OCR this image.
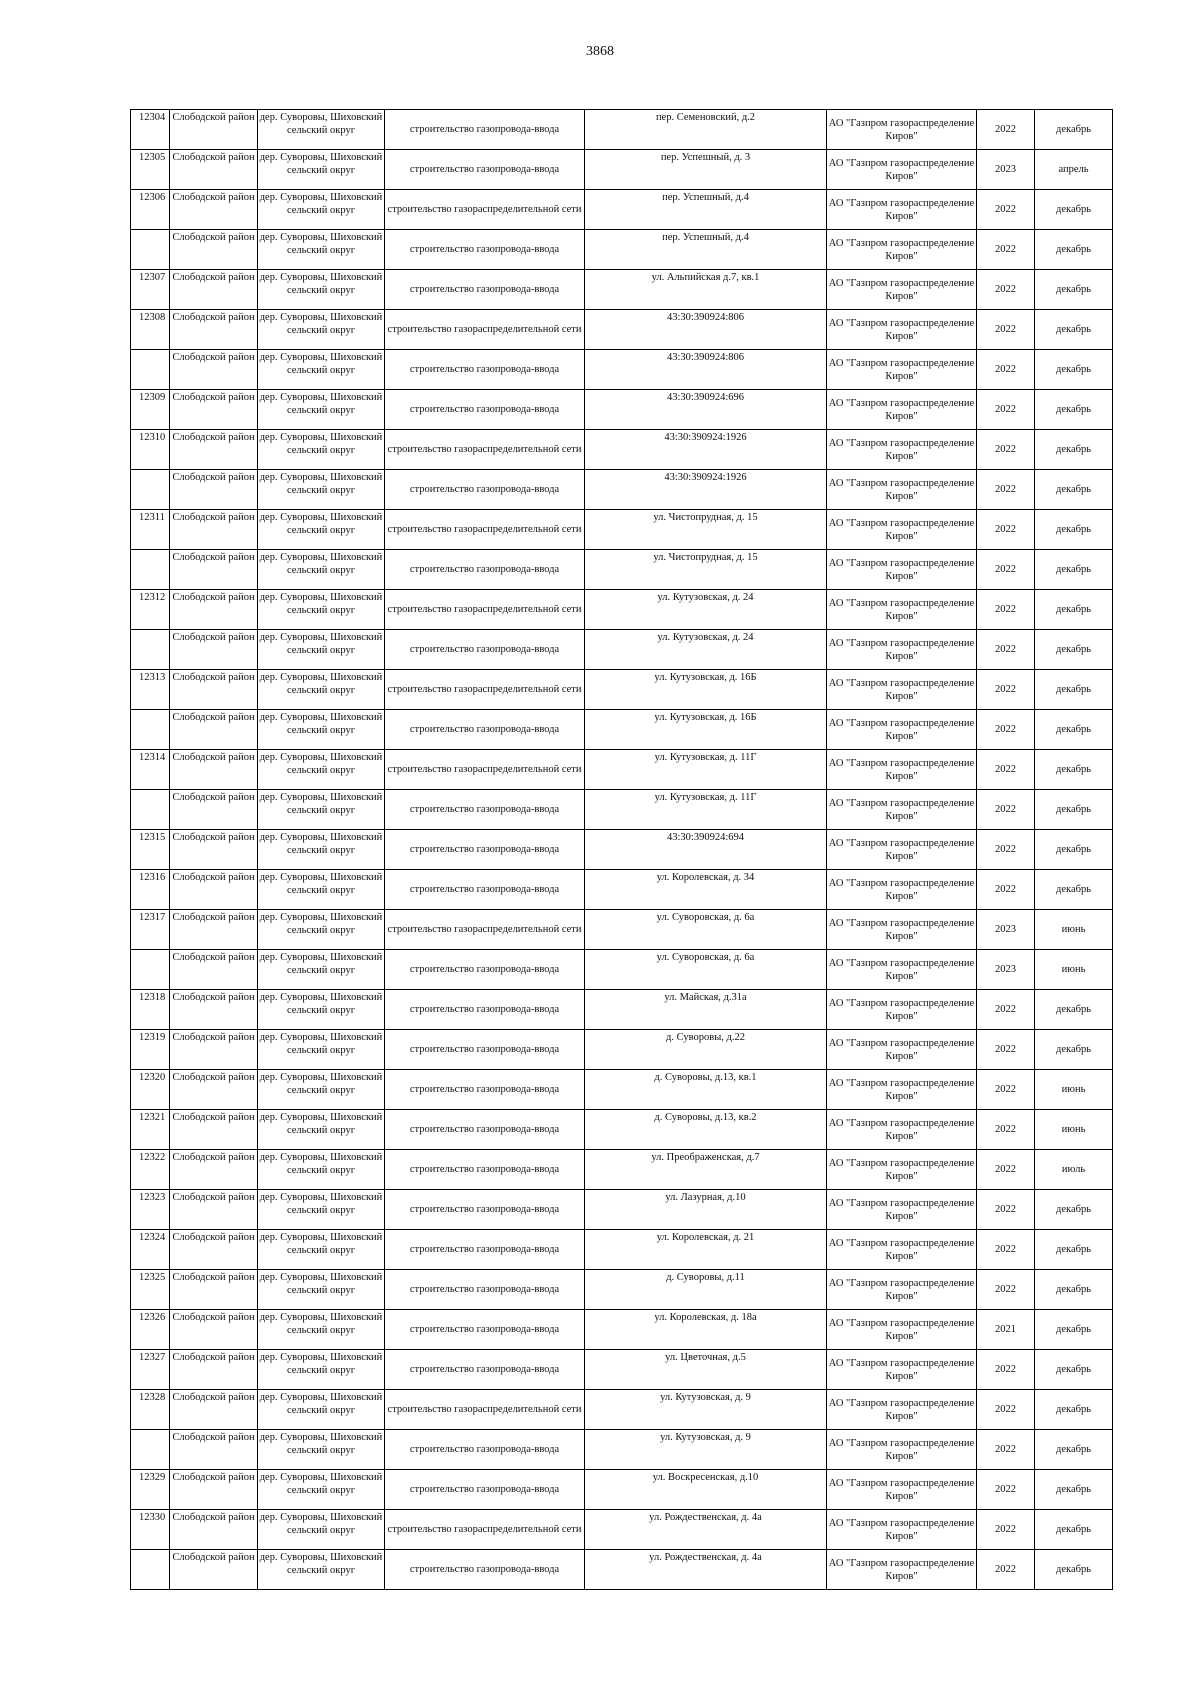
3868
12304	Слободской район	дер. Суворовы, Шиховский сельский округ	строительство газопровода-ввода	пер. Семеновский, д.2	АО "Газпром газораспределение Киров"	2022	декабрь

12305	Слободской район	дер. Суворовы, Шиховский сельский округ	строительство газопровода-ввода	пер. Успешный, д. 3	АО "Газпром газораспределение Киров"	2023	апрель

12306	Слободской район	дер. Суворовы, Шиховский сельский округ	строительство газораспределительной сети	пер. Успешный, д.4	АО "Газпром газораспределение Киров"	2022	декабрь

	Слободской район	дер. Суворовы, Шиховский сельский округ	строительство газопровода-ввода	пер. Успешный, д.4	АО "Газпром газораспределение Киров"	2022	декабрь

12307	Слободской район	дер. Суворовы, Шиховский сельский округ	строительство газопровода-ввода	ул. Альпийская д.7, кв.1	АО "Газпром газораспределение Киров"	2022	декабрь

12308	Слободской район	дер. Суворовы, Шиховский сельский округ	строительство газораспределительной сети	43:30:390924:806	АО "Газпром газораспределение Киров"	2022	декабрь

	Слободской район	дер. Суворовы, Шиховский сельский округ	строительство газопровода-ввода	43:30:390924:806	АО "Газпром газораспределение Киров"	2022	декабрь

12309	Слободской район	дер. Суворовы, Шиховский сельский округ	строительство газопровода-ввода	43:30:390924:696	АО "Газпром газораспределение Киров"	2022	декабрь

12310	Слободской район	дер. Суворовы, Шиховский сельский округ	строительство газораспределительной сети	43:30:390924:1926	АО "Газпром газораспределение Киров"	2022	декабрь

	Слободской район	дер. Суворовы, Шиховский сельский округ	строительство газопровода-ввода	43:30:390924:1926	АО "Газпром газораспределение Киров"	2022	декабрь

12311	Слободской район	дер. Суворовы, Шиховский сельский округ	строительство газораспределительной сети	ул. Чистопрудная, д. 15	АО "Газпром газораспределение Киров"	2022	декабрь

	Слободской район	дер. Суворовы, Шиховский сельский округ	строительство газопровода-ввода	ул. Чистопрудная, д. 15	АО "Газпром газораспределение Киров"	2022	декабрь

12312	Слободской район	дер. Суворовы, Шиховский сельский округ	строительство газораспределительной сети	ул. Кутузовская, д. 24	АО "Газпром газораспределение Киров"	2022	декабрь

	Слободской район	дер. Суворовы, Шиховский сельский округ	строительство газопровода-ввода	ул. Кутузовская, д. 24	АО "Газпром газораспределение Киров"	2022	декабрь

12313	Слободской район	дер. Суворовы, Шиховский сельский округ	строительство газораспределительной сети	ул. Кутузовская, д. 16Б	АО "Газпром газораспределение Киров"	2022	декабрь

	Слободской район	дер. Суворовы, Шиховский сельский округ	строительство газопровода-ввода	ул. Кутузовская, д. 16Б	АО "Газпром газораспределение Киров"	2022	декабрь

12314	Слободской район	дер. Суворовы, Шиховский сельский округ	строительство газораспределительной сети	ул. Кутузовская, д. 11Г	АО "Газпром газораспределение Киров"	2022	декабрь

	Слободской район	дер. Суворовы, Шиховский сельский округ	строительство газопровода-ввода	ул. Кутузовская, д. 11Г	АО "Газпром газораспределение Киров"	2022	декабрь

12315	Слободской район	дер. Суворовы, Шиховский сельский округ	строительство газопровода-ввода	43:30:390924:694	АО "Газпром газораспределение Киров"	2022	декабрь

12316	Слободской район	дер. Суворовы, Шиховский сельский округ	строительство газопровода-ввода	ул. Королевская, д. 34	АО "Газпром газораспределение Киров"	2022	декабрь

12317	Слободской район	дер. Суворовы, Шиховский сельский округ	строительство газораспределительной сети	ул. Суворовская, д. 6а	АО "Газпром газораспределение Киров"	2023	июнь

	Слободской район	дер. Суворовы, Шиховский сельский округ	строительство газопровода-ввода	ул. Суворовская, д. 6а	АО "Газпром газораспределение Киров"	2023	июнь

12318	Слободской район	дер. Суворовы, Шиховский сельский округ	строительство газопровода-ввода	ул. Майская, д.31а	АО "Газпром газораспределение Киров"	2022	декабрь

12319	Слободской район	дер. Суворовы, Шиховский сельский округ	строительство газопровода-ввода	д. Суворовы, д.22	АО "Газпром газораспределение Киров"	2022	декабрь

12320	Слободской район	дер. Суворовы, Шиховский сельский округ	строительство газопровода-ввода	д. Суворовы, д.13, кв.1	АО "Газпром газораспределение Киров"	2022	июнь

12321	Слободской район	дер. Суворовы, Шиховский сельский округ	строительство газопровода-ввода	д. Суворовы, д.13, кв.2	АО "Газпром газораспределение Киров"	2022	июнь

12322	Слободской район	дер. Суворовы, Шиховский сельский округ	строительство газопровода-ввода	ул. Преображенская, д.7	АО "Газпром газораспределение Киров"	2022	июль

12323	Слободской район	дер. Суворовы, Шиховский сельский округ	строительство газопровода-ввода	ул. Лазурная, д.10	АО "Газпром газораспределение Киров"	2022	декабрь

12324	Слободской район	дер. Суворовы, Шиховский сельский округ	строительство газопровода-ввода	ул. Королевская, д. 21	АО "Газпром газораспределение Киров"	2022	декабрь

12325	Слободской район	дер. Суворовы, Шиховский сельский округ	строительство газопровода-ввода	д. Суворовы, д.11	АО "Газпром газораспределение Киров"	2022	декабрь

12326	Слободской район	дер. Суворовы, Шиховский сельский округ	строительство газопровода-ввода	ул. Королевская, д. 18а	АО "Газпром газораспределение Киров"	2021	декабрь

12327	Слободской район	дер. Суворовы, Шиховский сельский округ	строительство газопровода-ввода	ул. Цветочная, д.5	АО "Газпром газораспределение Киров"	2022	декабрь

12328	Слободской район	дер. Суворовы, Шиховский сельский округ	строительство газораспределительной сети	ул. Кутузовская, д. 9	АО "Газпром газораспределение Киров"	2022	декабрь

	Слободской район	дер. Суворовы, Шиховский сельский округ	строительство газопровода-ввода	ул. Кутузовская, д. 9	АО "Газпром газораспределение Киров"	2022	декабрь

12329	Слободской район	дер. Суворовы, Шиховский сельский округ	строительство газопровода-ввода	ул. Воскресенская, д.10	АО "Газпром газораспределение Киров"	2022	декабрь

12330	Слободской район	дер. Суворовы, Шиховский сельский округ	строительство газораспределительной сети	ул. Рождественская, д. 4а	АО "Газпром газораспределение Киров"	2022	декабрь

	Слободской район	дер. Суворовы, Шиховский сельский округ	строительство газопровода-ввода	ул. Рождественская, д. 4а	АО "Газпром газораспределение Киров"	2022	декабрь
